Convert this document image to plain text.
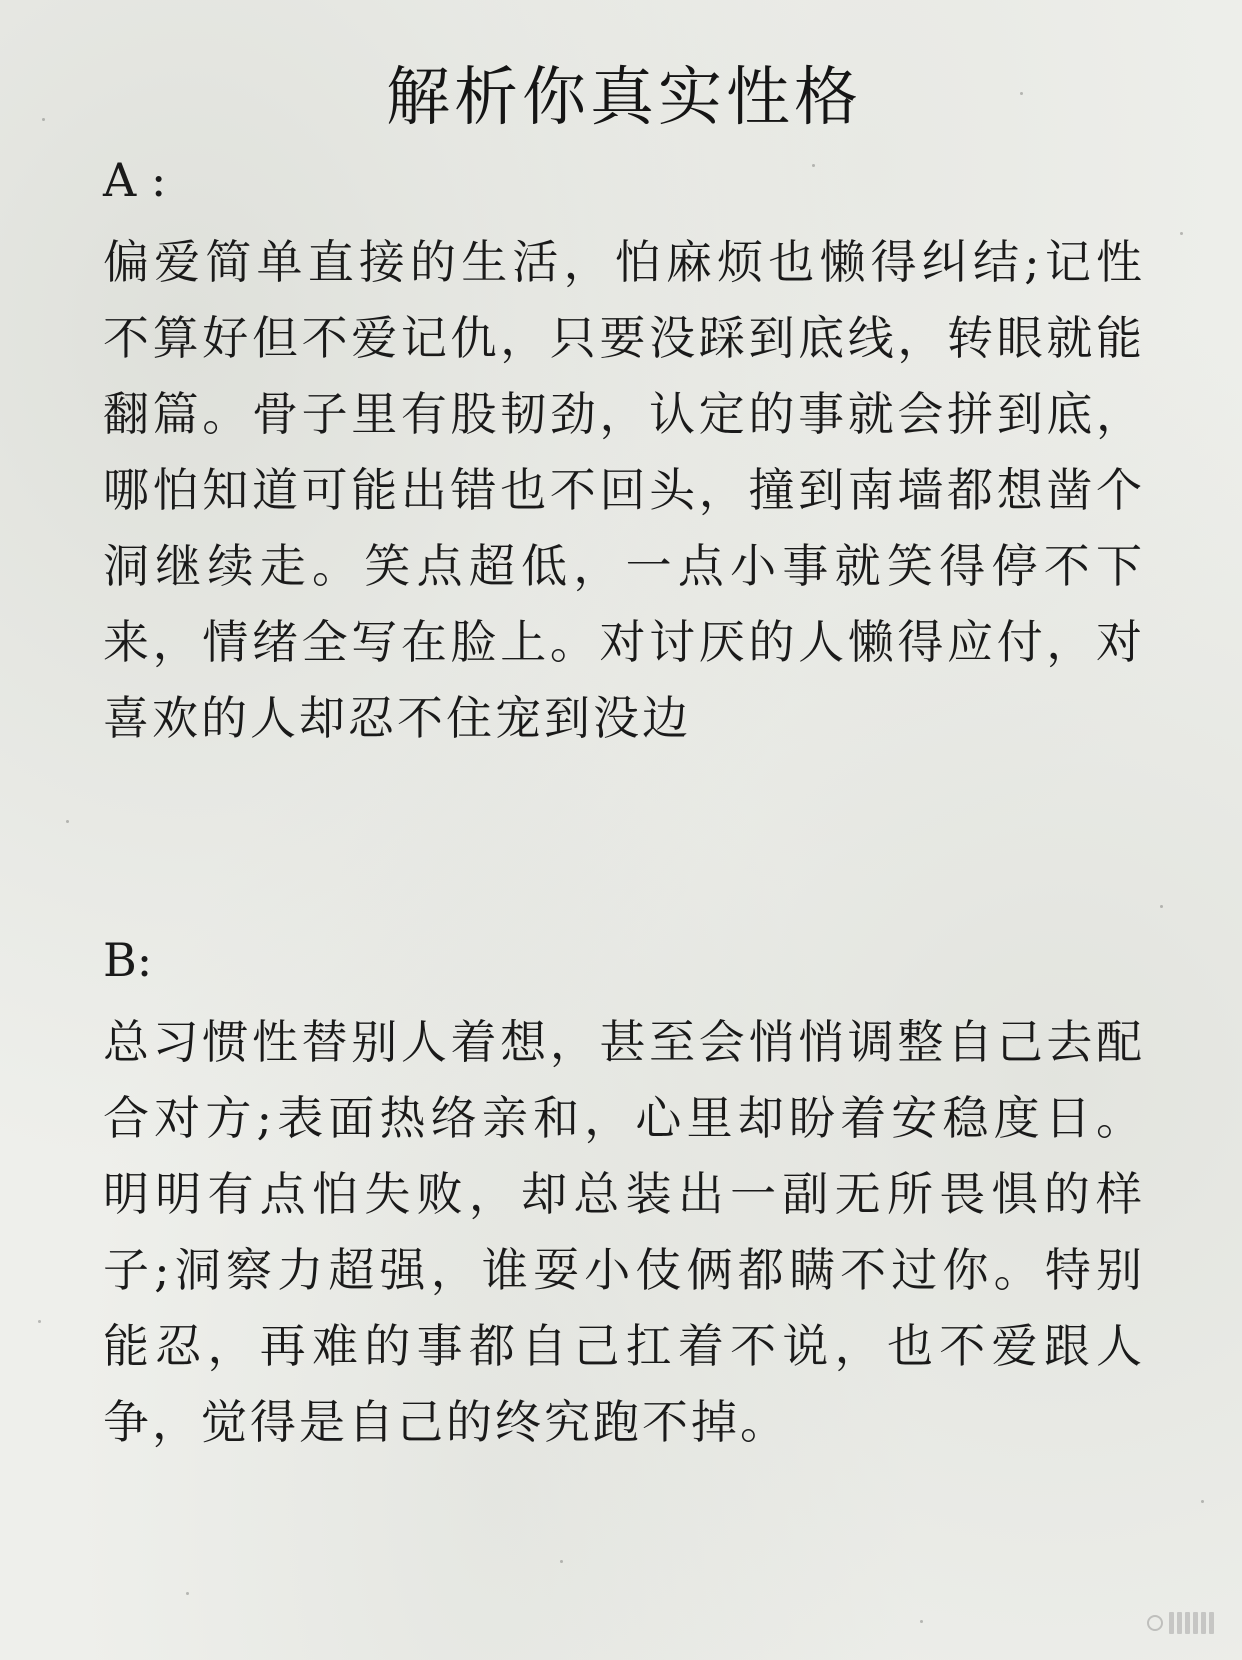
解析你真实性格
A :
偏爱简单直接的生活，怕麻烦也懒得纠结;记性不算好但不爱记仇，只要没踩到底线，转眼就能翻篇。骨子里有股韧劲，认定的事就会拼到底，哪怕知道可能出错也不回头，撞到南墙都想凿个洞继续走。笑点超低，一点小事就笑得停不下来，情绪全写在脸上。对讨厌的人懒得应付，对喜欢的人却忍不住宠到没边
B:
总习惯性替别人着想，甚至会悄悄调整自己去配合对方;表面热络亲和，心里却盼着安稳度日。明明有点怕失败，却总装出一副无所畏惧的样子;洞察力超强，谁耍小伎俩都瞒不过你。特别能忍，再难的事都自己扛着不说，也不爱跟人争，觉得是自己的终究跑不掉。
